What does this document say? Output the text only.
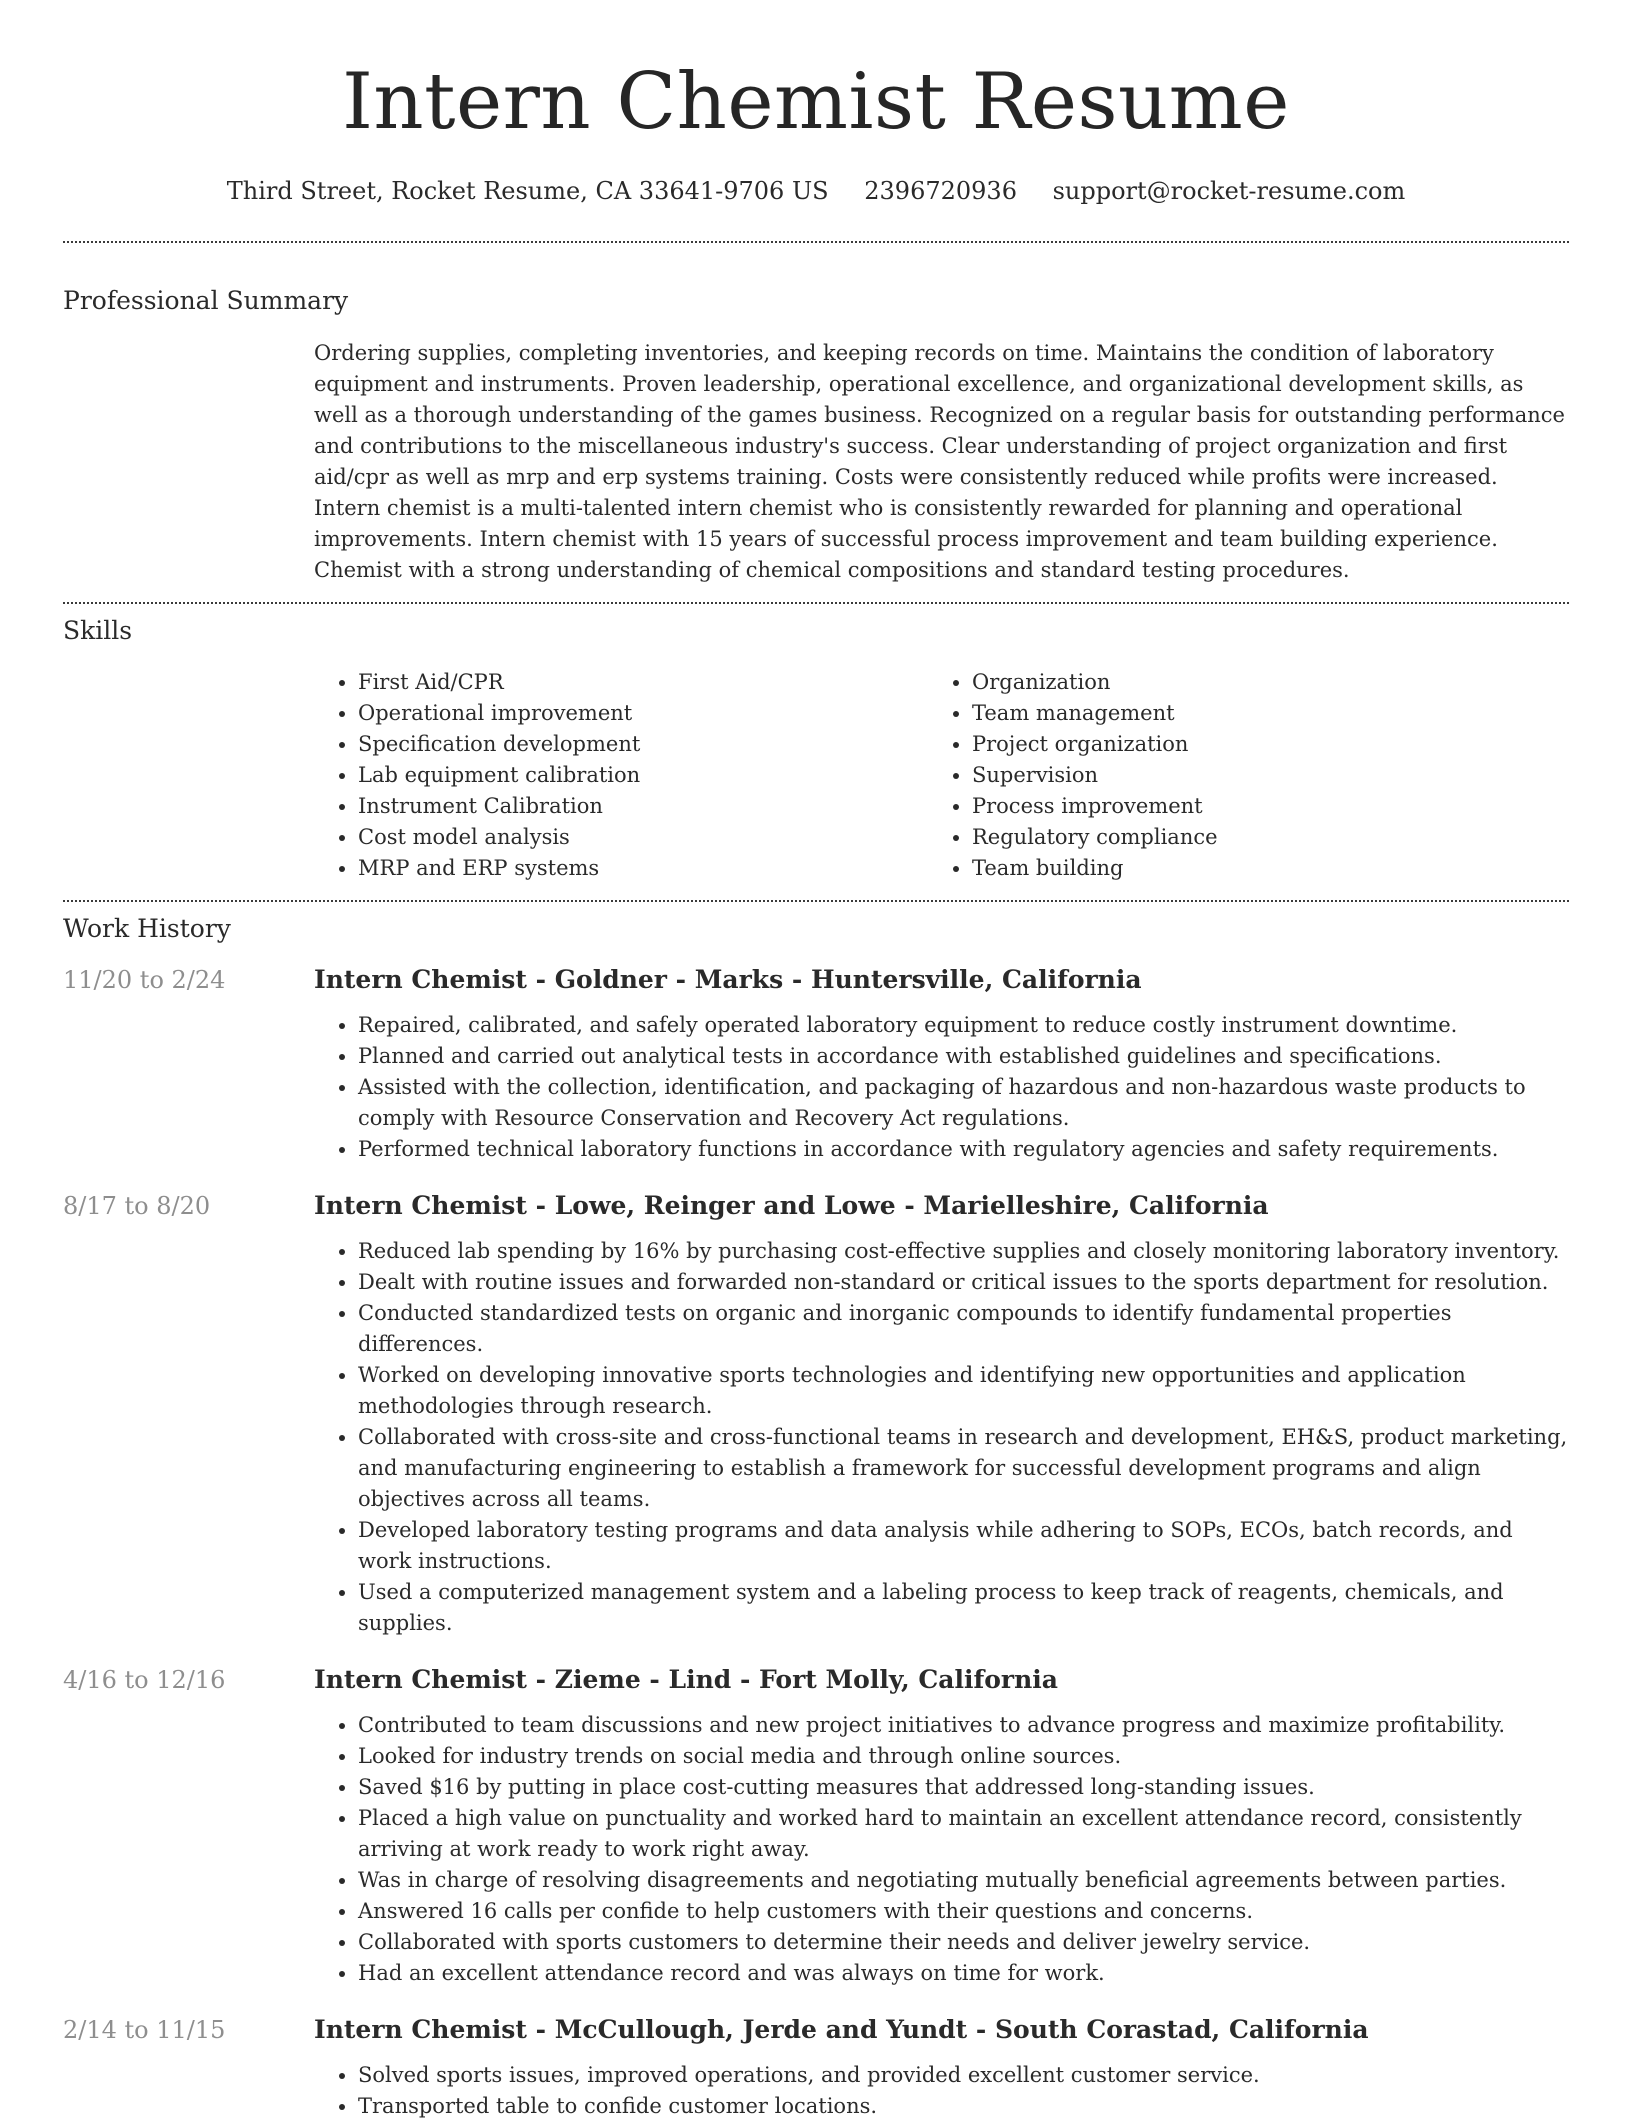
Intern Chemist Resume
Third Street, Rocket Resume, CA 33641-9706 US 2396720936 support@rocket-resume.com
Professional Summary

Ordering supplies, completing inventories, and keeping records on time. Maintains the condition of laboratory equipment and instruments. Proven leadership, operational excellence, and organizational development skills, as well as a thorough understanding of the games business. Recognized on a regular basis for outstanding performance and contributions to the miscellaneous industry's success. Clear understanding of project organization and first aid/cpr as well as mrp and erp systems training. Costs were consistently reduced while profits were increased. Intern chemist is a multi-talented intern chemist who is consistently rewarded for planning and operational improvements. Intern chemist with 15 years of successful process improvement and team building experience. Chemist with a strong understanding of chemical compositions and standard testing procedures.

Skills
• First Aid/CPR
• Operational improvement
• Specification development
• Lab equipment calibration
• Instrument Calibration
• Cost model analysis
• MRP and ERP systems
• Organization
• Team management
• Project organization
• Supervision
• Process improvement
• Regulatory compliance
• Team building
Work History
11/20 to 2/24	Intern Chemist - Goldner - Marks - Huntersville, California
• Repaired, calibrated, and safely operated laboratory equipment to reduce costly instrument downtime.
• Planned and carried out analytical tests in accordance with established guidelines and specifications.
• Assisted with the collection, identification, and packaging of hazardous and non-hazardous waste products to comply with Resource Conservation and Recovery Act regulations.
• Performed technical laboratory functions in accordance with regulatory agencies and safety requirements.
8/17 to 8/20	Intern Chemist - Lowe, Reinger and Lowe - Marielleshire, California
• Reduced lab spending by 16% by purchasing cost-effective supplies and closely monitoring laboratory inventory.
• Dealt with routine issues and forwarded non-standard or critical issues to the sports department for resolution.
• Conducted standardized tests on organic and inorganic compounds to identify fundamental properties differences.
• Worked on developing innovative sports technologies and identifying new opportunities and application methodologies through research.
• Collaborated with cross-site and cross-functional teams in research and development, EH&S, product marketing, and manufacturing engineering to establish a framework for successful development programs and align objectives across all teams.
• Developed laboratory testing programs and data analysis while adhering to SOPs, ECOs, batch records, and work instructions.
• Used a computerized management system and a labeling process to keep track of reagents, chemicals, and supplies.
4/16 to 12/16	Intern Chemist - Zieme - Lind - Fort Molly, California
• Contributed to team discussions and new project initiatives to advance progress and maximize profitability.
• Looked for industry trends on social media and through online sources.
• Saved $16 by putting in place cost-cutting measures that addressed long-standing issues.
• Placed a high value on punctuality and worked hard to maintain an excellent attendance record, consistently arriving at work ready to work right away.
• Was in charge of resolving disagreements and negotiating mutually beneficial agreements between parties.
• Answered 16 calls per confide to help customers with their questions and concerns.
• Collaborated with sports customers to determine their needs and deliver jewelry service.
• Had an excellent attendance record and was always on time for work.
2/14 to 11/15	Intern Chemist - McCullough, Jerde and Yundt - South Corastad, California
• Solved sports issues, improved operations, and provided excellent customer service.
• Transported table to confide customer locations.
